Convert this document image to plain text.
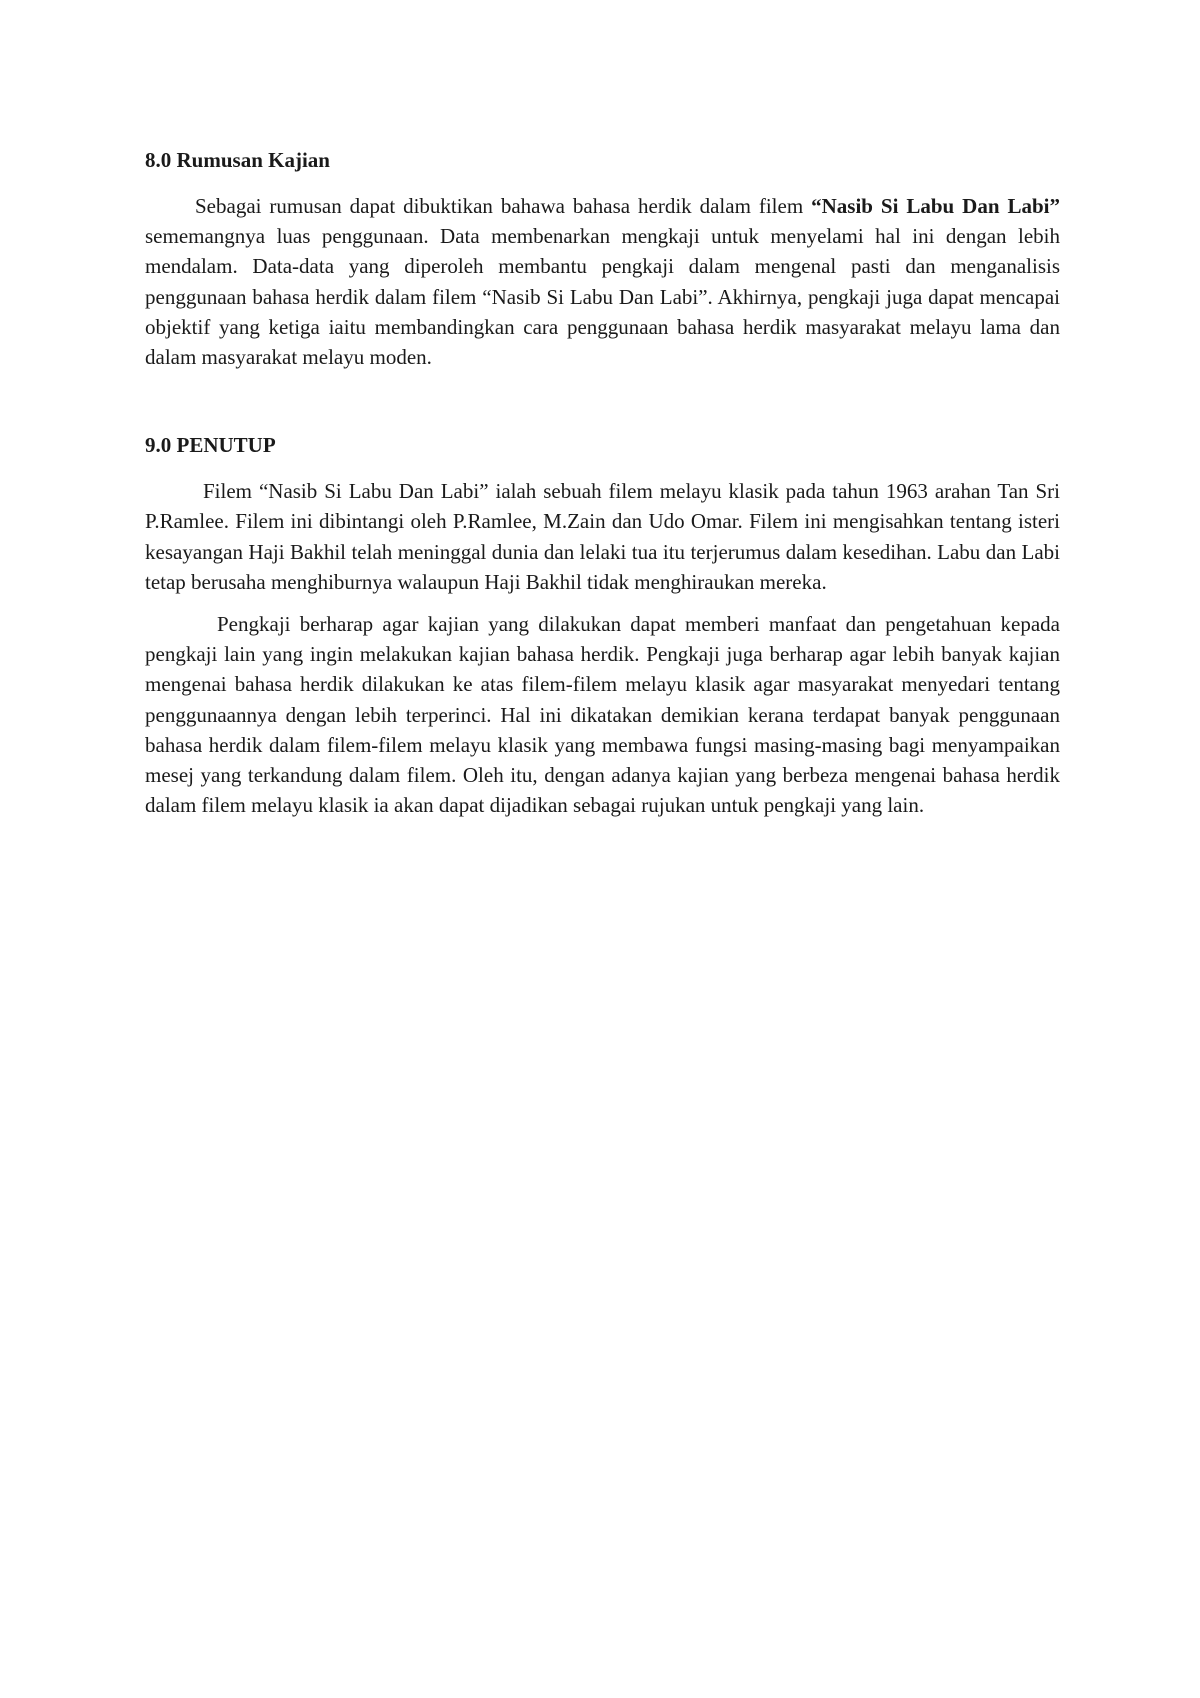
8.0 Rumusan Kajian

Sebagai rumusan dapat dibuktikan bahawa bahasa herdik dalam filem “Nasib Si Labu Dan Labi” sememangnya luas penggunaan. Data membenarkan mengkaji untuk menyelami hal ini dengan lebih mendalam. Data-data yang diperoleh membantu pengkaji dalam mengenal pasti dan menganalisis penggunaan bahasa herdik dalam filem “Nasib Si Labu Dan Labi”. Akhirnya, pengkaji juga dapat mencapai objektif yang ketiga iaitu membandingkan cara penggunaan bahasa herdik masyarakat melayu lama dan dalam masyarakat melayu moden.

9.0 PENUTUP

Filem “Nasib Si Labu Dan Labi” ialah sebuah filem melayu klasik pada tahun 1963 arahan Tan Sri P.Ramlee. Filem ini dibintangi oleh P.Ramlee, M.Zain dan Udo Omar. Filem ini mengisahkan tentang isteri kesayangan Haji Bakhil telah meninggal dunia dan lelaki tua itu terjerumus dalam kesedihan. Labu dan Labi tetap berusaha menghiburnya walaupun Haji Bakhil tidak menghiraukan mereka.

Pengkaji berharap agar kajian yang dilakukan dapat memberi manfaat dan pengetahuan kepada pengkaji lain yang ingin melakukan kajian bahasa herdik. Pengkaji juga berharap agar lebih banyak kajian mengenai bahasa herdik dilakukan ke atas filem-filem melayu klasik agar masyarakat menyedari tentang penggunaannya dengan lebih terperinci. Hal ini dikatakan demikian kerana terdapat banyak penggunaan bahasa herdik dalam filem-filem melayu klasik yang membawa fungsi masing-masing bagi menyampaikan mesej yang terkandung dalam filem. Oleh itu, dengan adanya kajian yang berbeza mengenai bahasa herdik dalam filem melayu klasik ia akan dapat dijadikan sebagai rujukan untuk pengkaji yang lain.
